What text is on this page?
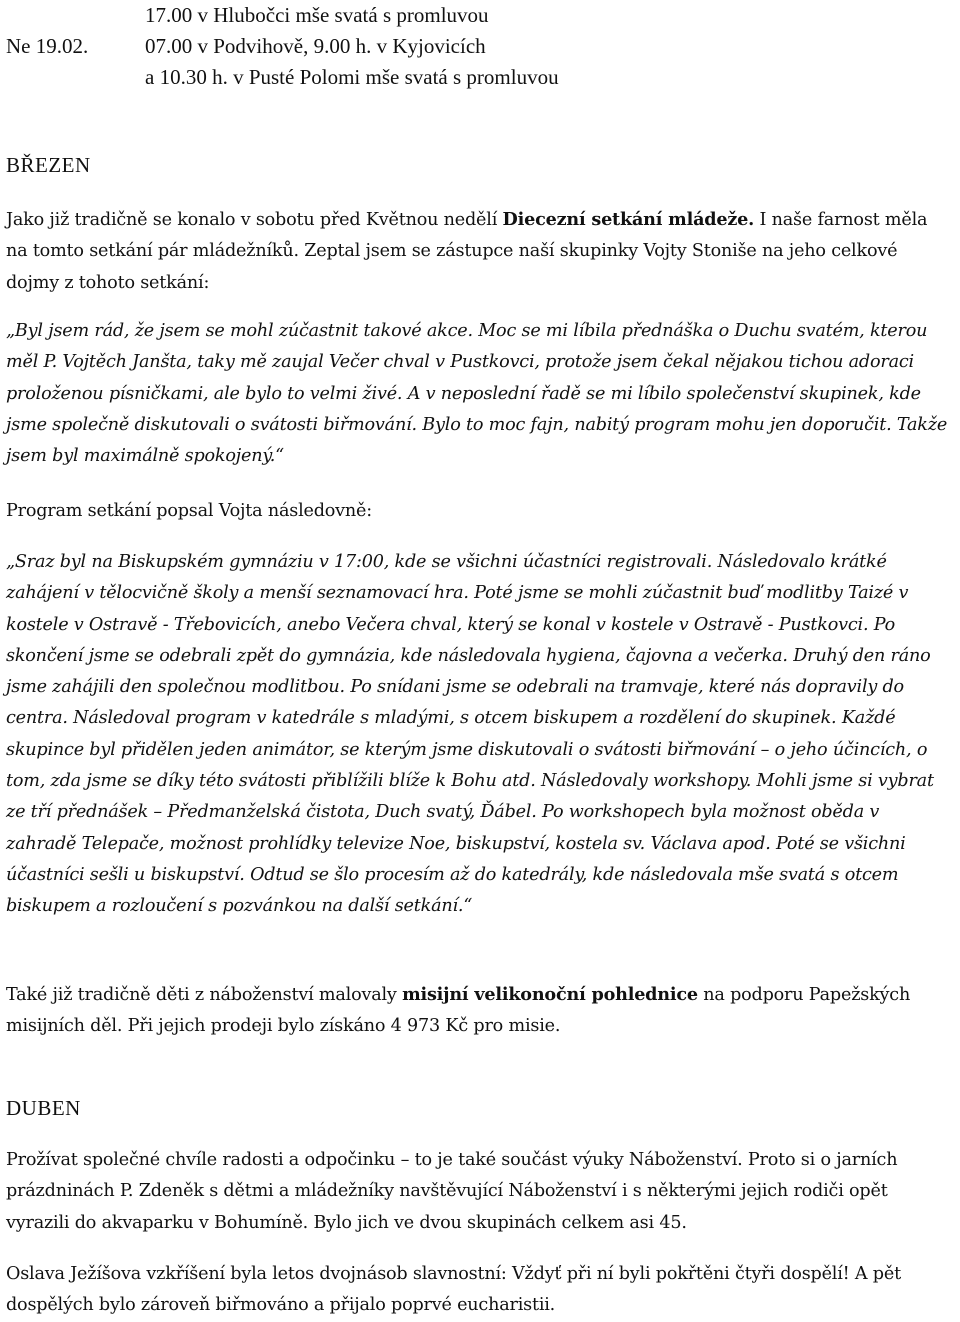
17.00 v Hlubočci mše svatá s promluvou
Ne 19.02.	07.00 v Podvihově, 9.00 h. v Kyjovicích
a 10.30 h. v Pusté Polomi mše svatá s promluvou
BŘEZEN

Jako již tradičně se konalo v sobotu před Květnou nedělí Diecezní setkání mládeže. I naše farnost měla na tomto setkání pár mládežníků. Zeptal jsem se zástupce naší skupinky Vojty Stoniše na jeho celkové dojmy z tohoto setkání:

„Byl jsem rád, že jsem se mohl zúčastnit takové akce. Moc se mi líbila přednáška o Duchu svatém, kterou měl P. Vojtěch Janšta, taky mě zaujal Večer chval v Pustkovci, protože jsem čekal nějakou tichou adoraci proloženou písničkami, ale bylo to velmi živé. A v neposlední řadě se mi líbilo společenství skupinek, kde jsme společně diskutovali o svátosti biřmování. Bylo to moc fajn, nabitý program mohu jen doporučit. Takže jsem byl maximálně spokojený.“

Program setkání popsal Vojta následovně:

„Sraz byl na Biskupském gymnáziu v 17:00, kde se všichni účastníci registrovali. Následovalo krátké zahájení v tělocvičně školy a menší seznamovací hra. Poté jsme se mohli zúčastnit buď modlitby Taizé v kostele v Ostravě - Třebovicích, anebo Večera chval, který se konal v kostele v Ostravě - Pustkovci. Po skončení jsme se odebrali zpět do gymnázia, kde následovala hygiena, čajovna a večerka. Druhý den ráno jsme zahájili den společnou modlitbou. Po snídani jsme se odebrali na tramvaje, které nás dopravily do centra. Následoval program v katedrále s mladými, s otcem biskupem a rozdělení do skupinek. Každé skupince byl přidělen jeden animátor, se kterým jsme diskutovali o svátosti biřmování – o jeho účincích, o tom, zda jsme se díky této svátosti přiblížili blíže k Bohu atd. Následovaly workshopy. Mohli jsme si vybrat ze tří přednášek – Předmanželská čistota, Duch svatý, Ďábel. Po workshopech byla možnost oběda v zahradě Telepače, možnost prohlídky televize Noe, biskupství, kostela sv. Václava apod. Poté se všichni účastníci sešli u biskupství. Odtud se šlo procesím až do katedrály, kde následovala mše svatá s otcem biskupem a rozloučení s pozvánkou na další setkání.“

Také již tradičně děti z náboženství malovaly misijní velikonoční pohlednice na podporu Papežských misijních děl. Při jejich prodeji bylo získáno 4 973 Kč pro misie.

DUBEN

Prožívat společné chvíle radosti a odpočinku – to je také součást výuky Náboženství. Proto si o jarních prázdninách P. Zdeněk s dětmi a mládežníky navštěvující Náboženství i s některými jejich rodiči opět vyrazili do akvaparku v Bohumíně. Bylo jich ve dvou skupinách celkem asi 45.

Oslava Ježíšova vzkříšení byla letos dvojnásob slavnostní: Vždyť při ní byli pokřtěni čtyři dospělí! A pět dospělých bylo zároveň biřmováno a přijalo poprvé eucharistii.
